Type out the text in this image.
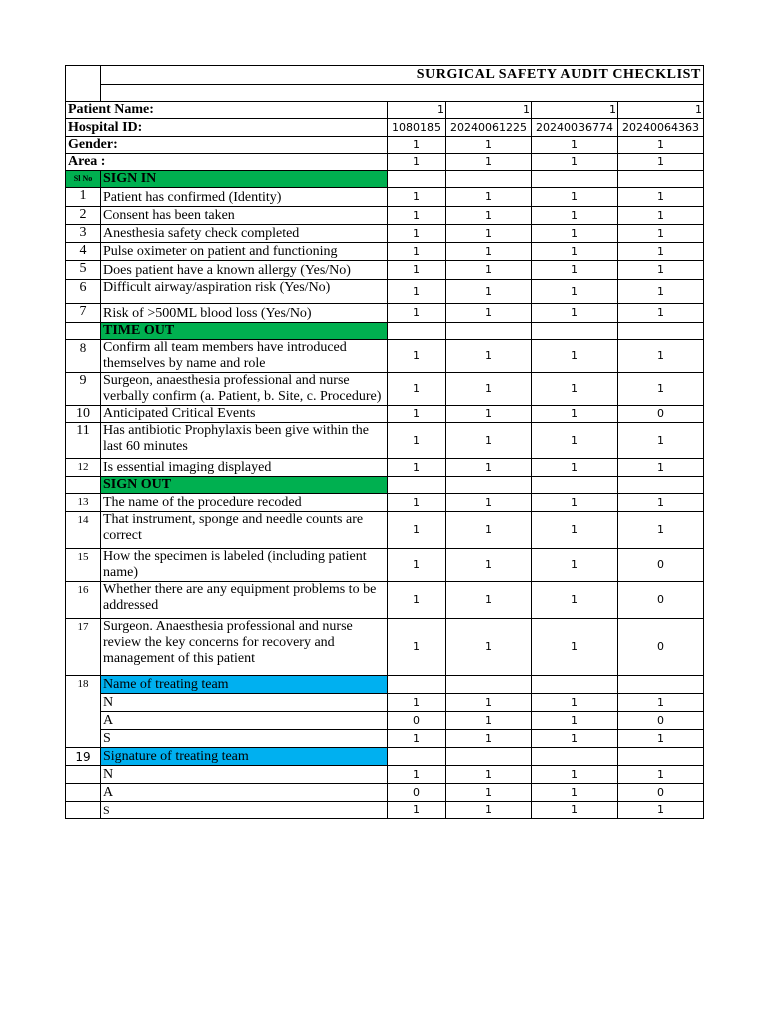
	SURGICAL SAFETY AUDIT CHECKLIST				

Patient Name:		1	1	1	1
Hospital ID:		1080185	20240061225	20240036774	20240064363
Gender:		1	1	1	1
Area :		1	1	1	1
Sl No	SIGN IN				
1	Patient has confirmed (Identity)	1	1	1	1
2	Consent has been taken	1	1	1	1
3	Anesthesia safety check completed	1	1	1	1
4	Pulse oximeter on patient and functioning	1	1	1	1
5	Does patient have a known allergy (Yes/No)	1	1	1	1
6	Difficult airway/aspiration risk (Yes/No)	1	1	1	1
7	Risk of >500ML blood loss (Yes/No)	1	1	1	1
	TIME OUT				
8	Confirm all team members have introduced themselves by name and role	1	1	1	1
9	Surgeon, anaesthesia professional and nurse verbally confirm (a. Patient, b. Site, c. Procedure)	1	1	1	1
10	Anticipated Critical Events	1	1	1	0
11	Has antibiotic Prophylaxis been give within the last 60 minutes	1	1	1	1
12	Is essential imaging displayed	1	1	1	1
	SIGN OUT				
13	The name of the procedure recoded	1	1	1	1
14	That instrument, sponge and needle counts are correct	1	1	1	1
15	How the specimen is labeled (including patient name)	1	1	1	0
16	Whether there are any equipment problems to be addressed	1	1	1	0
17	Surgeon. Anaesthesia professional and nurse review the key concerns for recovery and management of this patient	1	1	1	0
18	Name of treating team				
	N	1	1	1	1
	A	0	1	1	0
	S	1	1	1	1
19	Signature of treating team				
	N	1	1	1	1
	A	0	1	1	0
	S	1	1	1	1
